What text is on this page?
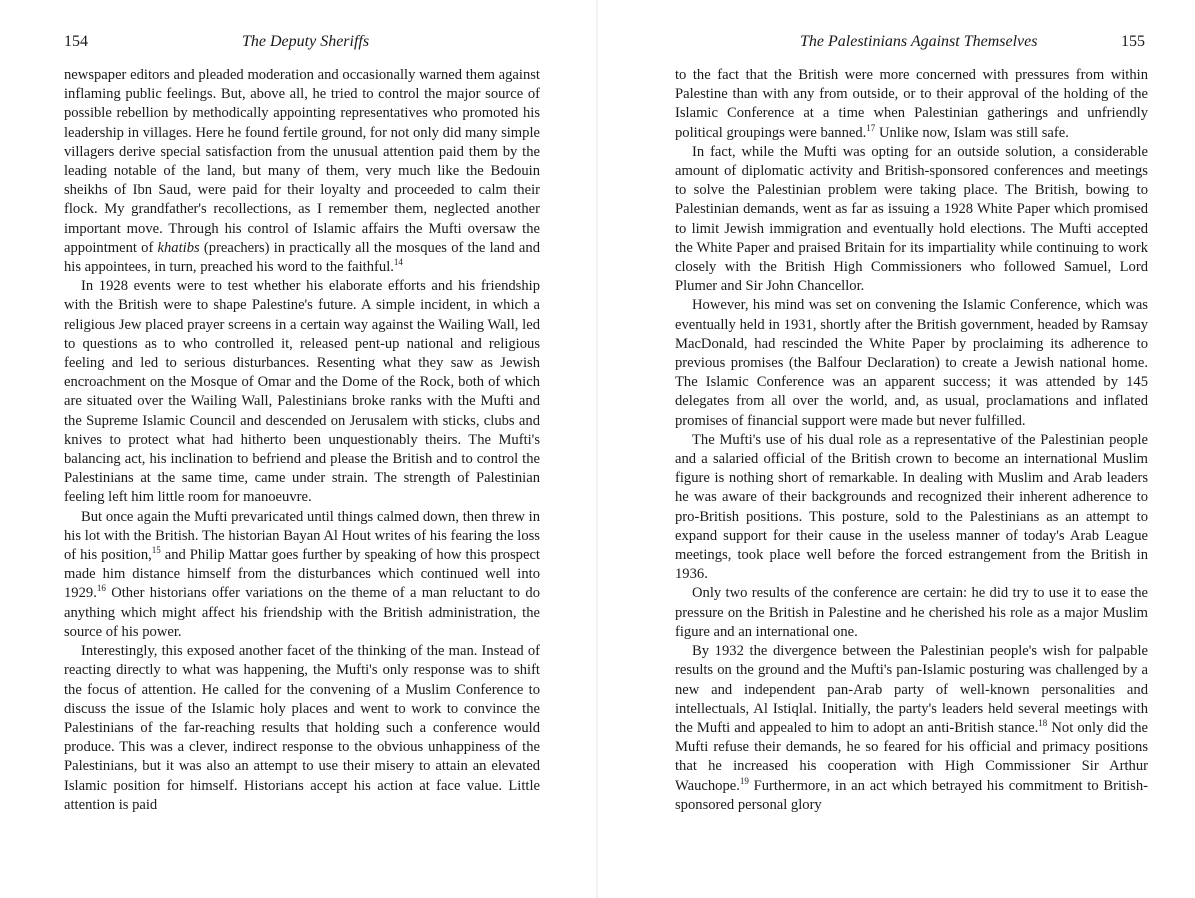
154	The Deputy Sheriffs

newspaper editors and pleaded moderation and occasionally warned them against inflaming public feelings. But, above all, he tried to control the major source of possible rebellion by methodically appointing representatives who promoted his leadership in villages. Here he found fertile ground, for not only did many simple villagers derive special satisfaction from the unusual attention paid them by the leading notable of the land, but many of them, very much like the Bedouin sheikhs of Ibn Saud, were paid for their loyalty and proceeded to calm their flock. My grandfather's recollections, as I remember them, neglected another important move. Through his control of Islamic affairs the Mufti oversaw the appointment of khatibs (preachers) in practically all the mosques of the land and his appointees, in turn, preached his word to the faithful.$^{14}$

In 1928 events were to test whether his elaborate efforts and his friendship with the British were to shape Palestine's future. A simple incident, in which a religious Jew placed prayer screens in a certain way against the Wailing Wall, led to questions as to who controlled it, released pent-up national and religious feeling and led to serious disturbances. Resenting what they saw as Jewish encroachment on the Mosque of Omar and the Dome of the Rock, both of which are situated over the Wailing Wall, Palestinians broke ranks with the Mufti and the Supreme Islamic Council and descended on Jerusalem with sticks, clubs and knives to protect what had hitherto been unquestionably theirs. The Mufti's balancing act, his inclination to befriend and please the British and to control the Palestinians at the same time, came under strain. The strength of Palestinian feeling left him little room for manoeuvre.

But once again the Mufti prevaricated until things calmed down, then threw in his lot with the British. The historian Bayan Al Hout writes of his fearing the loss of his position,$^{15}$ and Philip Mattar goes further by speaking of how this prospect made him distance himself from the disturbances which continued well into 1929.16 Other historians offer variations on the theme of a man reluctant to do anything which might affect his friendship with the British administration, the source of his power.

Interestingly, this exposed another facet of the thinking of the man. Instead of reacting directly to what was happening, the Mufti's only response was to shift the focus of attention. He called for the convening of a Muslim Conference to discuss the issue of the Islamic holy places and went to work to convince the Palestinians of the far-reaching results that holding such a conference would produce. This was a clever, indirect response to the obvious unhappiness of the Palestinians, but it was also an attempt to use their misery to attain an elevated Islamic position for himself. Historians accept his action at face value. Little attention is paid

The Palestinians Against Themselves	155

to the fact that the British were more concerned with pressures from within Palestine than with any from outside, or to their approval of the holding of the Islamic Conference at a time when Palestinian gatherings and unfriendly political groupings were banned.$^{17}$ Unlike now, Islam was still safe.

In fact, while the Mufti was opting for an outside solution, a considerable amount of diplomatic activity and British-sponsored conferences and meetings to solve the Palestinian problem were taking place. The British, bowing to Palestinian demands, went as far as issuing a 1928 White Paper which promised to limit Jewish immigration and eventually hold elections. The Mufti accepted the White Paper and praised Britain for its impartiality while continuing to work closely with the British High Commissioners who followed Samuel, Lord Plumer and Sir John Chancellor.

However, his mind was set on convening the Islamic Conference, which was eventually held in 1931, shortly after the British government, headed by Ramsay MacDonald, had rescinded the White Paper by proclaiming its adherence to previous promises (the Balfour Declaration) to create a Jewish national home. The Islamic Conference was an apparent success; it was attended by 145 delegates from all over the world, and, as usual, proclamations and inflated promises of financial support were made but never fulfilled.

The Mufti's use of his dual role as a representative of the Palestinian people and a salaried official of the British crown to become an international Muslim figure is nothing short of remarkable. In dealing with Muslim and Arab leaders he was aware of their backgrounds and recognized their inherent adherence to pro-British positions. This posture, sold to the Palestinians as an attempt to expand support for their cause in the useless manner of today's Arab League meetings, took place well before the forced estrangement from the British in 1936.

Only two results of the conference are certain: he did try to use it to ease the pressure on the British in Palestine and he cherished his role as a major Muslim figure and an international one.

By 1932 the divergence between the Palestinian people's wish for palpable results on the ground and the Mufti's pan-Islamic posturing was challenged by a new and independent pan-Arab party of well-known personalities and intellectuals, Al Istiqlal. Initially, the party's leaders held several meetings with the Mufti and appealed to him to adopt an anti-British stance.$^{18}$ Not only did the Mufti refuse their demands, he so feared for his official and primacy positions that he increased his cooperation with High Commissioner Sir Arthur Wauchope.$^{19}$ Furthermore, in an act which betrayed his commitment to British-sponsored personal glory
